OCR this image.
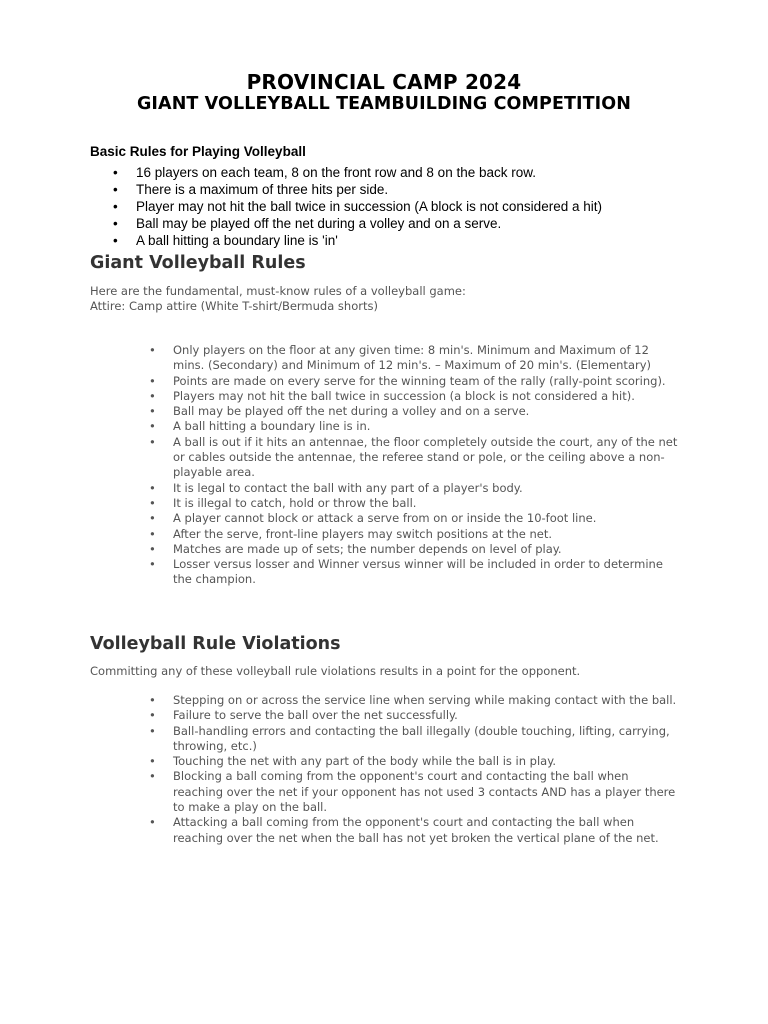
PROVINCIAL CAMP 2024
GIANT VOLLEYBALL TEAMBUILDING COMPETITION

Basic Rules for Playing Volleyball

• 16 players on each team, 8 on the front row and 8 on the back row.
• There is a maximum of three hits per side.
• Player may not hit the ball twice in succession (A block is not considered a hit)
• Ball may be played off the net during a volley and on a serve.
• A ball hitting a boundary line is 'in'
Giant Volleyball Rules
Here are the fundamental, must-know rules of a volleyball game:
Attire: Camp attire (White T-shirt/Bermuda shorts)
• Only players on the floor at any given time: 8 min's. Minimum and Maximum of 12 mins. (Secondary) and Minimum of 12 min's. – Maximum of 20 min's. (Elementary)
• Points are made on every serve for the winning team of the rally (rally-point scoring).
• Players may not hit the ball twice in succession (a block is not considered a hit).
• Ball may be played off the net during a volley and on a serve.
• A ball hitting a boundary line is in.
• A ball is out if it hits an antennae, the floor completely outside the court, any of the net or cables outside the antennae, the referee stand or pole, or the ceiling above a non-playable area.
• It is legal to contact the ball with any part of a player's body.
• It is illegal to catch, hold or throw the ball.
• A player cannot block or attack a serve from on or inside the 10-foot line.
• After the serve, front-line players may switch positions at the net.
• Matches are made up of sets; the number depends on level of play.
• Losser versus losser and Winner versus winner will be included in order to determine the champion.
Volleyball Rule Violations

Committing any of these volleyball rule violations results in a point for the opponent.

• Stepping on or across the service line when serving while making contact with the ball.
• Failure to serve the ball over the net successfully.
• Ball-handling errors and contacting the ball illegally (double touching, lifting, carrying, throwing, etc.)
• Touching the net with any part of the body while the ball is in play.
• Blocking a ball coming from the opponent's court and contacting the ball when reaching over the net if your opponent has not used 3 contacts AND has a player there to make a play on the ball.
• Attacking a ball coming from the opponent's court and contacting the ball when reaching over the net when the ball has not yet broken the vertical plane of the net.
